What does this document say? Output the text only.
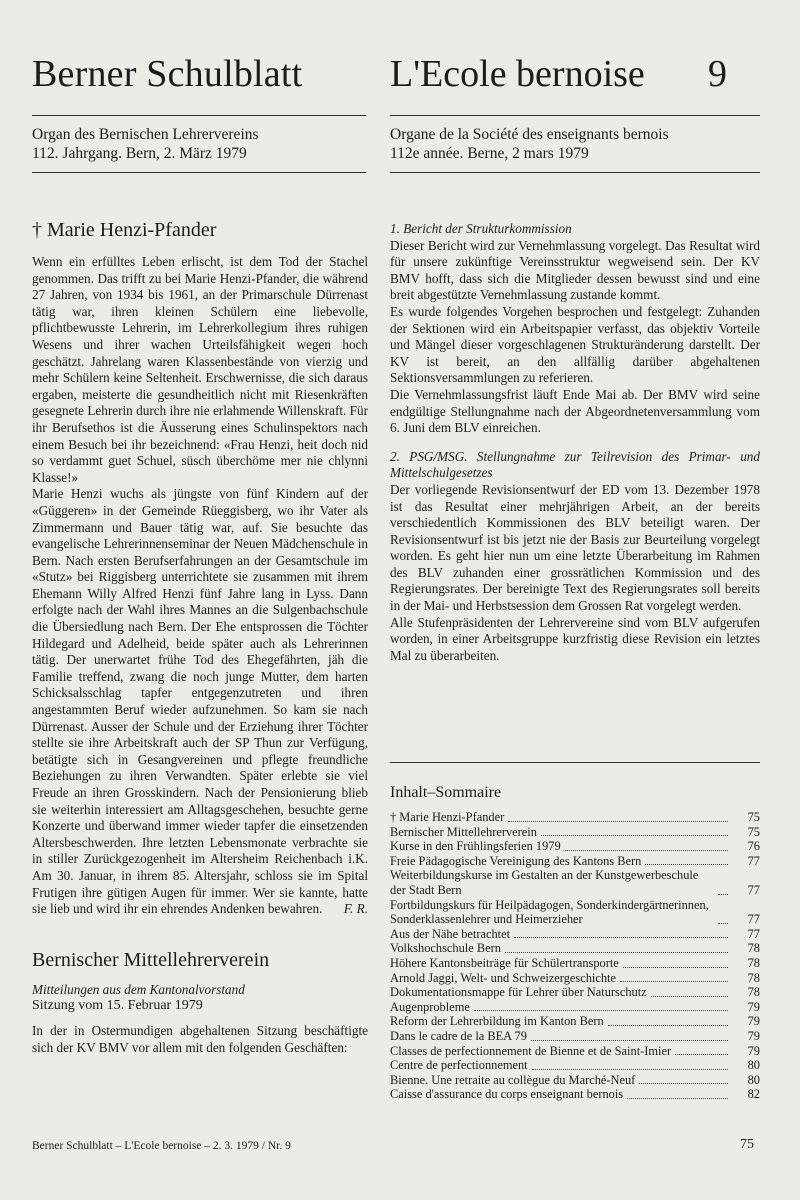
Berner Schulblatt L'Ecole bernoise 9
Organ des Bernischen Lehrervereins
112. Jahrgang. Bern, 2. März 1979
Organe de la Société des enseignants bernois
112e année. Berne, 2 mars 1979
† Marie Henzi-Pfander

Wenn ein erfülltes Leben erlischt, ist dem Tod der Stachel genommen. Das trifft zu bei Marie Henzi-Pfander, die während 27 Jahren, von 1934 bis 1961, an der Primarschule Dürrenast tätig war, ihren kleinen Schülern eine liebevolle, pflichtbewusste Lehrerin, im Lehrerkollegium ihres ruhigen Wesens und ihrer wachen Urteilsfähigkeit wegen hoch geschätzt. Jahrelang waren Klassenbestände von vierzig und mehr Schülern keine Seltenheit. Erschwernisse, die sich daraus ergaben, meisterte die gesundheitlich nicht mit Riesenkräften gesegnete Lehrerin durch ihre nie erlahmende Willenskraft. Für ihr Berufsethos ist die Äusserung eines Schulinspektors nach einem Besuch bei ihr bezeichnend: «Frau Henzi, heit doch nid so verdammt guet Schuel, süsch überchöme mer nie chlynni Klasse!»

Marie Henzi wuchs als jüngste von fünf Kindern auf der «Güggeren» in der Gemeinde Rüeggisberg, wo ihr Vater als Zimmermann und Bauer tätig war, auf. Sie besuchte das evangelische Lehrerinnenseminar der Neuen Mädchenschule in Bern. Nach ersten Berufserfahrungen an der Gesamtschule im «Stutz» bei Riggisberg unterrichtete sie zusammen mit ihrem Ehemann Willy Alfred Henzi fünf Jahre lang in Lyss. Dann erfolgte nach der Wahl ihres Mannes an die Sulgenbachschule die Übersiedlung nach Bern. Der Ehe entsprossen die Töchter Hildegard und Adelheid, beide später auch als Lehrerinnen tätig. Der unerwartet frühe Tod des Ehegefährten, jäh die Familie treffend, zwang die noch junge Mutter, dem harten Schicksalsschlag tapfer entgegenzutreten und ihren angestammten Beruf wieder aufzunehmen. So kam sie nach Dürrenast. Ausser der Schule und der Erziehung ihrer Töchter stellte sie ihre Arbeitskraft auch der SP Thun zur Verfügung, betätigte sich in Gesangvereinen und pflegte freundliche Beziehungen zu ihren Verwandten. Später erlebte sie viel Freude an ihren Grosskindern. Nach der Pensionierung blieb sie weiterhin interessiert am Alltagsgeschehen, besuchte gerne Konzerte und überwand immer wieder tapfer die einsetzenden Altersbeschwerden. Ihre letzten Lebensmonate verbrachte sie in stiller Zurückgezogenheit im Altersheim Reichenbach i.K. Am 30. Januar, in ihrem 85. Altersjahr, schloss sie im Spital Frutigen ihre gütigen Augen für immer. Wer sie kannte, hatte sie lieb und wird ihr ein ehrendes Andenken bewahren. F. R.

Bernischer Mittellehrerverein

Mitteilungen aus dem Kantonalvorstand

Sitzung vom 15. Februar 1979

In der in Ostermundigen abgehaltenen Sitzung beschäftigte sich der KV BMV vor allem mit den folgenden Geschäften:

1. Bericht der Strukturkommission

Dieser Bericht wird zur Vernehmlassung vorgelegt. Das Resultat wird für unsere zukünftige Vereinsstruktur wegweisend sein. Der KV BMV hofft, dass sich die Mitglieder dessen bewusst sind und eine breit abgestützte Vernehmlassung zustande kommt.

Es wurde folgendes Vorgehen besprochen und festgelegt: Zuhanden der Sektionen wird ein Arbeitspapier verfasst, das objektiv Vorteile und Mängel dieser vorgeschlagenen Strukturänderung darstellt. Der KV ist bereit, an den allfällig darüber abgehaltenen Sektionsversammlungen zu referieren.

Die Vernehmlassungsfrist läuft Ende Mai ab. Der BMV wird seine endgültige Stellungnahme nach der Abgeordnetenversammlung vom 6. Juni dem BLV einreichen.

2. PSG/MSG. Stellungnahme zur Teilrevision des Primar- und Mittelschulgesetzes

Der vorliegende Revisionsentwurf der ED vom 13. Dezember 1978 ist das Resultat einer mehrjährigen Arbeit, an der bereits verschiedentlich Kommissionen des BLV beteiligt waren. Der Revisionsentwurf ist bis jetzt nie der Basis zur Beurteilung vorgelegt worden. Es geht hier nun um eine letzte Überarbeitung im Rahmen des BLV zuhanden einer grossrätlichen Kommission und des Regierungsrates. Der bereinigte Text des Regierungsrates soll bereits in der Mai- und Herbstsession dem Grossen Rat vorgelegt werden.

Alle Stufenpräsidenten der Lehrervereine sind vom BLV aufgerufen worden, in einer Arbeitsgruppe kurzfristig diese Revision ein letztes Mal zu überarbeiten.

Inhalt–Sommaire
† Marie Henzi-Pfander	75
Bernischer Mittellehrerverein	75
Kurse in den Frühlingsferien 1979	76
Freie Pädagogische Vereinigung des Kantons Bern	77
Weiterbildungskurse im Gestalten an der Kunstgewerbeschule der Stadt Bern	77
Fortbildungskurs für Heilpädagogen, Sonderkindergärtnerinnen, Sonderklassenlehrer und Heimerzieher	77
Aus der Nähe betrachtet	77
Volkshochschule Bern	78
Höhere Kantonsbeiträge für Schülertransporte	78
Arnold Jaggi, Welt- und Schweizergeschichte	78
Dokumentationsmappe für Lehrer über Naturschutz	78
Augenprobleme	79
Reform der Lehrerbildung im Kanton Bern	79
Dans le cadre de la BEA 79	79
Classes de perfectionnement de Bienne et de Saint-Imier	79
Centre de perfectionnement	80
Bienne. Une retraite au collègue du Marché-Neuf	80
Caisse d'assurance du corps enseignant bernois	82
Berner Schulblatt – L'Ecole bernoise – 2. 3. 1979 / Nr. 9	75
